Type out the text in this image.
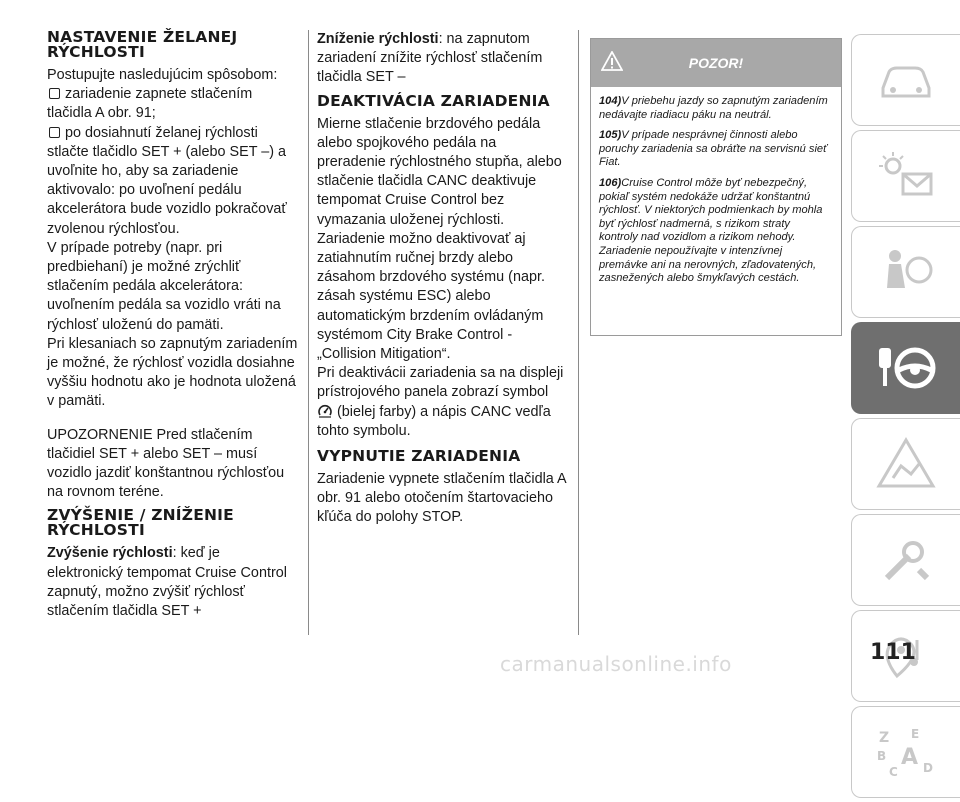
NASTAVENIE ŽELANEJ RÝCHLOSTI

Postupujte nasledujúcim spôsobom:

zariadenie zapnete stlačením tlačidla A obr. 91;

po dosiahnutí želanej rýchlosti stlačte tlačidlo SET + (alebo SET –) a uvoľnite ho, aby sa zariadenie aktivovalo: po uvoľnení pedálu akcelerátora bude vozidlo pokračovať zvolenou rýchlosťou.

V prípade potreby (napr. pri predbiehaní) je možné zrýchliť stlačením pedála akcelerátora: uvoľnením pedála sa vozidlo vráti na rýchlosť uloženú do pamäti.

Pri klesaniach so zapnutým zariadením je možné, že rýchlosť vozidla dosiahne vyššiu hodnotu ako je hodnota uložená v pamäti.

UPOZORNENIE Pred stlačením tlačidiel SET + alebo SET – musí vozidlo jazdiť konštantnou rýchlosťou na rovnom teréne.

ZVÝŠENIE / ZNÍŽENIE RÝCHLOSTI

Zvýšenie rýchlosti: keď je elektronický tempomat Cruise Control zapnutý, možno zvýšiť rýchlosť stlačením tlačidla SET +

Zníženie rýchlosti: na zapnutom zariadení znížite rýchlosť stlačením tlačidla SET –

DEAKTIVÁCIA ZARIADENIA

Mierne stlačenie brzdového pedála alebo spojkového pedála na preradenie rýchlostného stupňa, alebo stlačenie tlačidla CANC deaktivuje tempomat Cruise Control bez vymazania uloženej rýchlosti.

Zariadenie možno deaktivovať aj zatiahnutím ručnej brzdy alebo zásahom brzdového systému (napr. zásah systému ESC) alebo automatickým brzdením ovládaným systémom City Brake Control - „Collision Mitigation“.

Pri deaktivácii zariadenia sa na displeji prístrojového panela zobrazí symbol
(bielej farby) a nápis CANC vedľa tohto symbolu.

VYPNUTIE ZARIADENIA

Zariadenie vypnete stlačením tlačidla A obr. 91 alebo otočením štartovacieho kľúča do polohy STOP.

POZOR!

104)V priebehu jazdy so zapnutým zariadením nedávajte riadiacu páku na neutrál.

105)V prípade nesprávnej činnosti alebo poruchy zariadenia sa obráťte na servisnú sieť Fiat.

106)Cruise Control môže byť nebezpečný, pokiaľ systém nedokáže udržať konštantnú rýchlosť. V niektorých podmienkach by mohla byť rýchlosť nadmerná, s rizikom straty kontroly nad vozidlom a rizikom nehody. Zariadenie nepoužívajte v intenzívnej premávke ani na nerovných, zľadovatených, zasnežených alebo šmykľavých cestách.

Z E
B A
C D
111
carmanualsonline.info
